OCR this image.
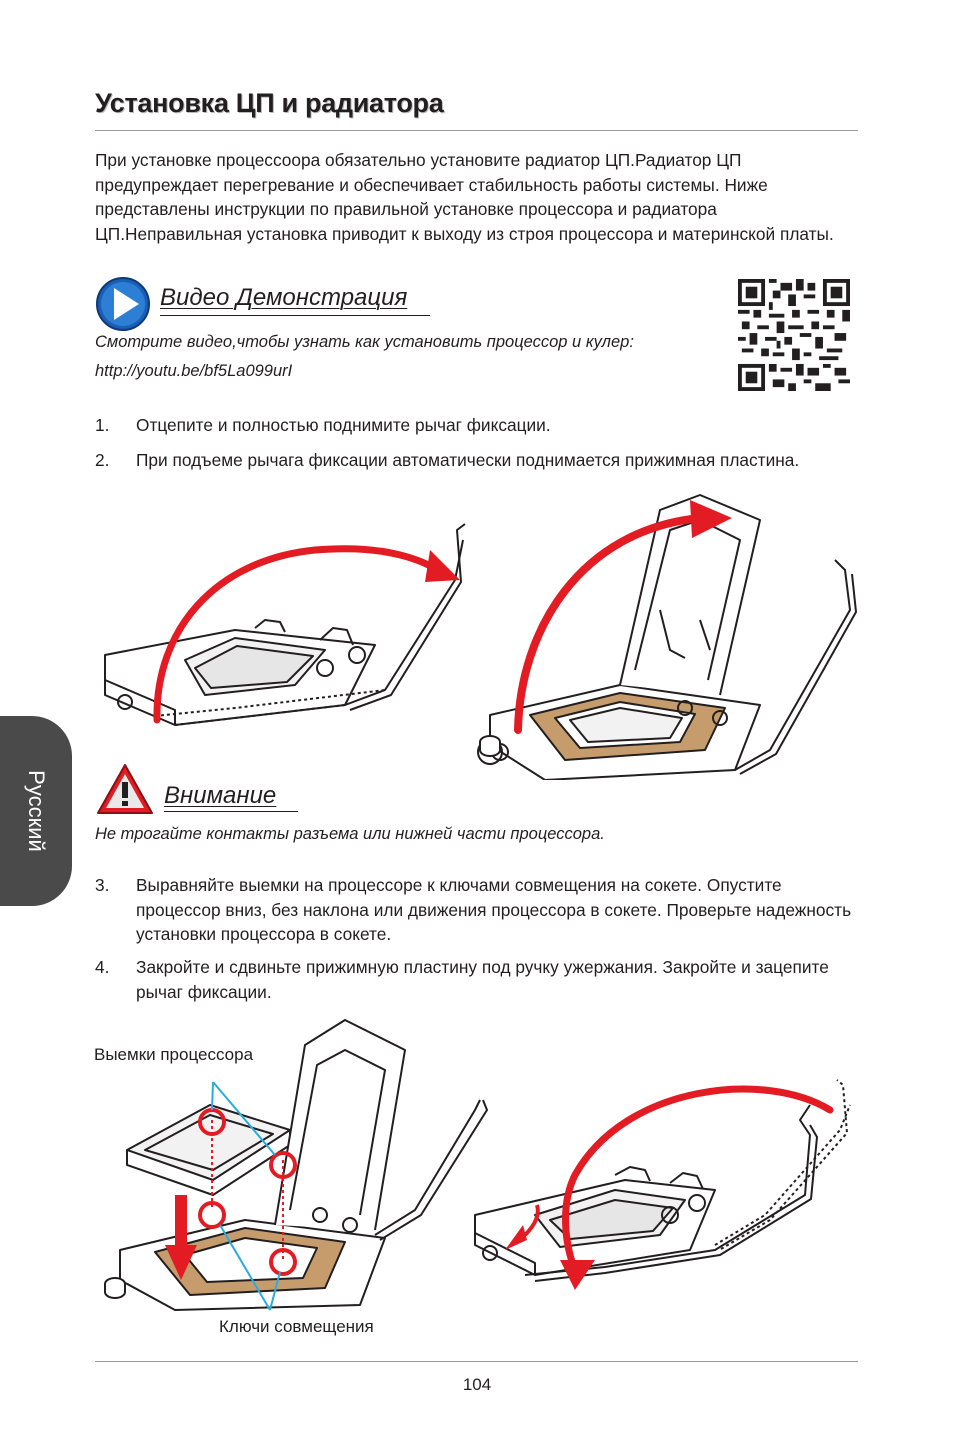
Установка ЦП и радиатора
При установке процессоора обязательно установите радиатор ЦП.Радиатор ЦП предупреждает перегревание и обеспечивает стабильность работы системы. Ниже представлены инструкции по правильной установке процессора и радиатора ЦП.Неправильная установка приводит к выходу из строя процессора и материнской платы.
Видео Демонстрация
Смотрите видео,чтобы узнать как установить процессор и кулер:
http://youtu.be/bf5La099urI
1. Отцепите и полностью поднимите рычаг фиксации.
2. При подъеме рычага фиксации автоматически поднимается прижимная пластина.
Внимание
Не трогайте контакты разъема или нижней части процессора.
Русский
3. Выравняйте выемки на процессоре к ключами совмещения на сокете. Опустите процессор вниз, без наклона или движения процессора в сокете. Проверьте надежность установки процессора в сокете.
4. Закройте и сдвиньте прижимную пластину под ручку ужержания. Закройте и зацепите рычаг фиксации.
Выемки процессора
Ключи совмещения
104
